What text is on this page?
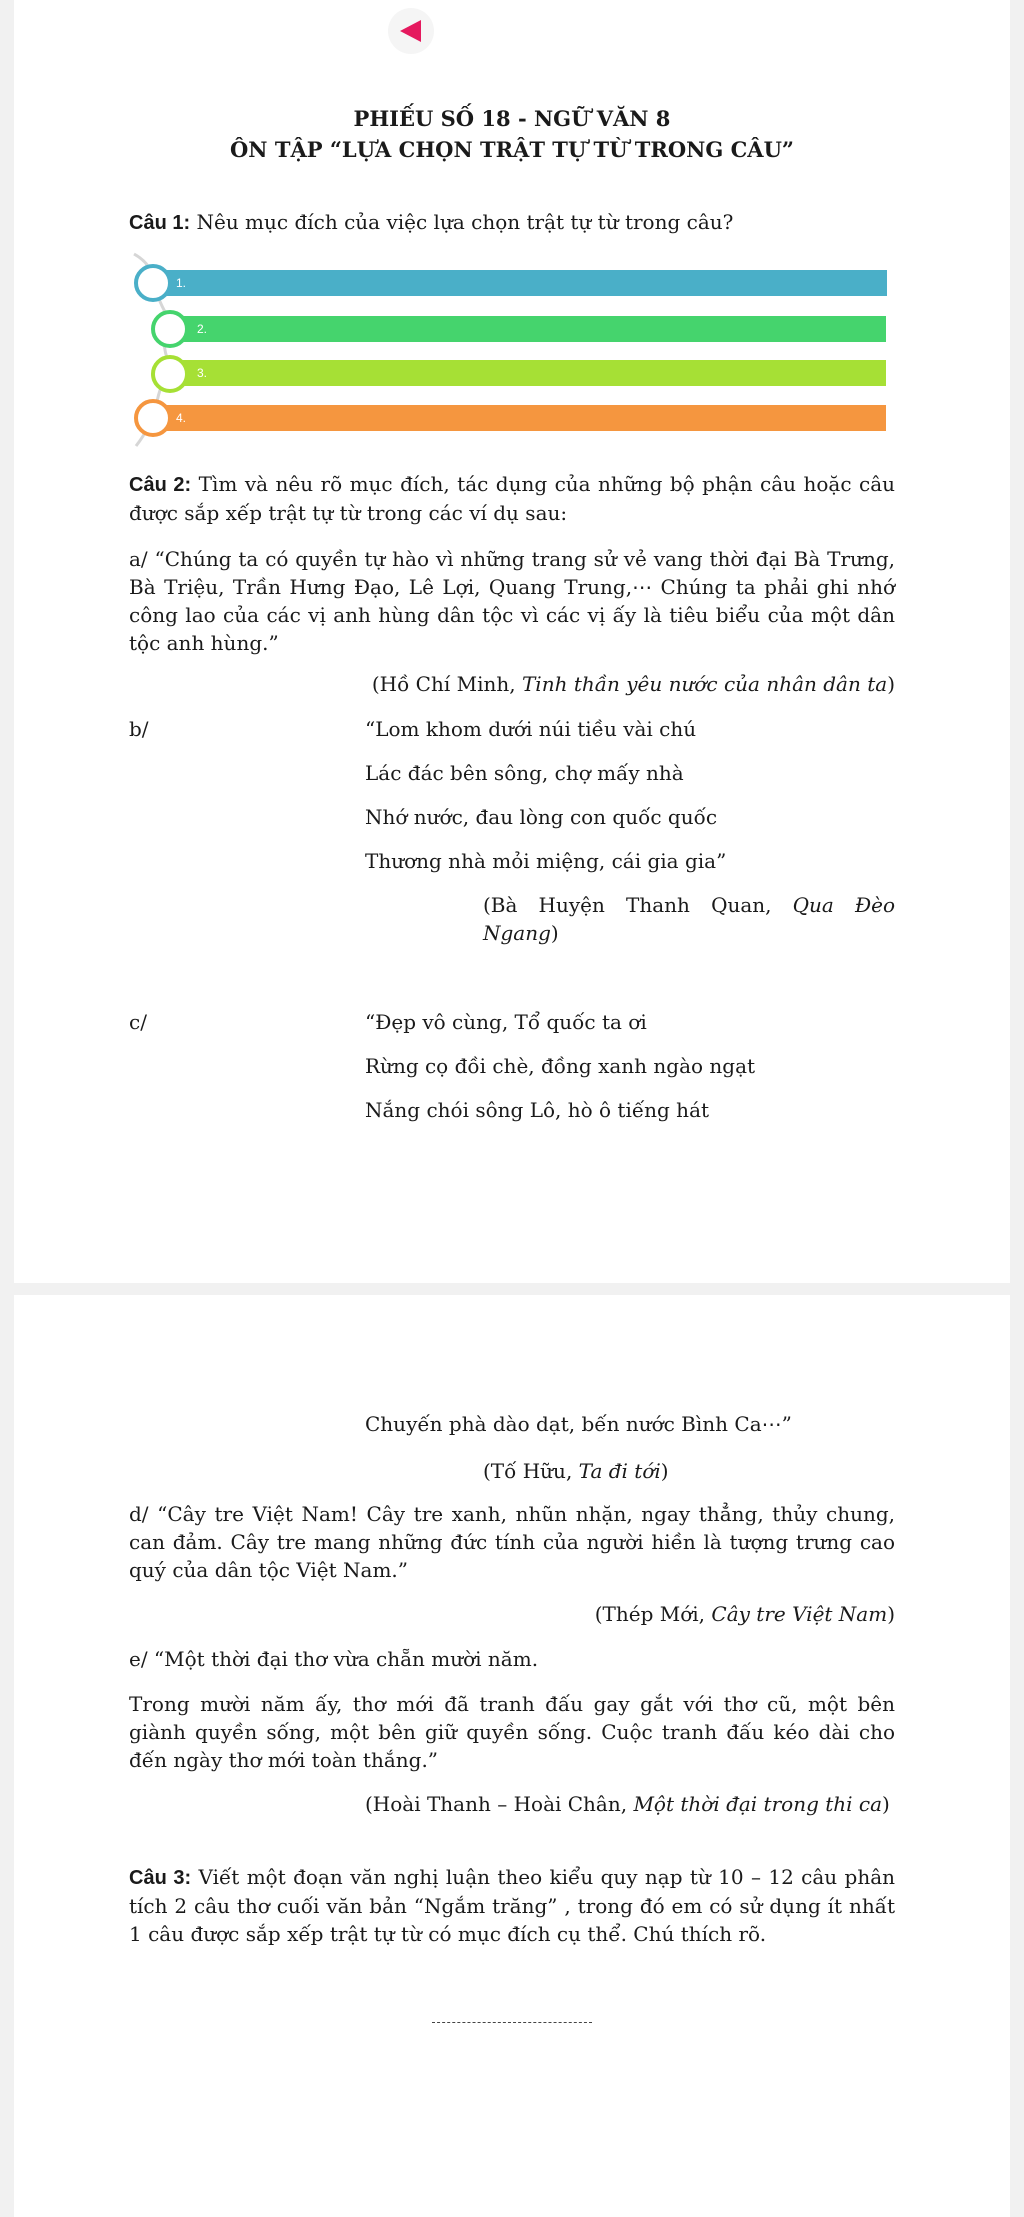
PHIẾU SỐ 18 - NGỮ VĂN 8
ÔN TẬP “LỰA CHỌN TRẬT TỰ TỪ TRONG CÂU”
Câu 1: Nêu mục đích của việc lựa chọn trật tự từ trong câu?
1.
2.
3.
4.
Câu 2: Tìm và nêu rõ mục đích, tác dụng của những bộ phận câu hoặc câu được sắp xếp trật tự từ trong các ví dụ sau:
a/ “Chúng ta có quyền tự hào vì những trang sử vẻ vang thời đại Bà Trưng, Bà Triệu, Trần Hưng Đạo, Lê Lợi, Quang Trung,⋯ Chúng ta phải ghi nhớ công lao của các vị anh hùng dân tộc vì các vị ấy là tiêu biểu của một dân tộc anh hùng.”
(Hồ Chí Minh, Tinh thần yêu nước của nhân dân ta)
b/	“Lom khom dưới núi tiều vài chú
Lác đác bên sông, chợ mấy nhà
Nhớ nước, đau lòng con quốc quốc
Thương nhà mỏi miệng, cái gia gia”
(Bà Huyện Thanh Quan, Qua Đèo Ngang)
c/	“Đẹp vô cùng, Tổ quốc ta ơi
Rừng cọ đồi chè, đồng xanh ngào ngạt
Nắng chói sông Lô, hò ô tiếng hát
Chuyến phà dào dạt, bến nước Bình Ca⋯”
(Tố Hữu, Ta đi tới)
d/ “Cây tre Việt Nam! Cây tre xanh, nhũn nhặn, ngay thẳng, thủy chung, can đảm. Cây tre mang những đức tính của người hiền là tượng trưng cao quý của dân tộc Việt Nam.”
(Thép Mới, Cây tre Việt Nam)
e/ “Một thời đại thơ vừa chẵn mười năm.
Trong mười năm ấy, thơ mới đã tranh đấu gay gắt với thơ cũ, một bên giành quyền sống, một bên giữ quyền sống. Cuộc tranh đấu kéo dài cho đến ngày thơ mới toàn thắng.”
(Hoài Thanh – Hoài Chân, Một thời đại trong thi ca)
Câu 3: Viết một đoạn văn nghị luận theo kiểu quy nạp từ 10 – 12 câu phân tích 2 câu thơ cuối văn bản “Ngắm trăng” , trong đó em có sử dụng ít nhất 1 câu được sắp xếp trật tự từ có mục đích cụ thể. Chú thích rõ.
